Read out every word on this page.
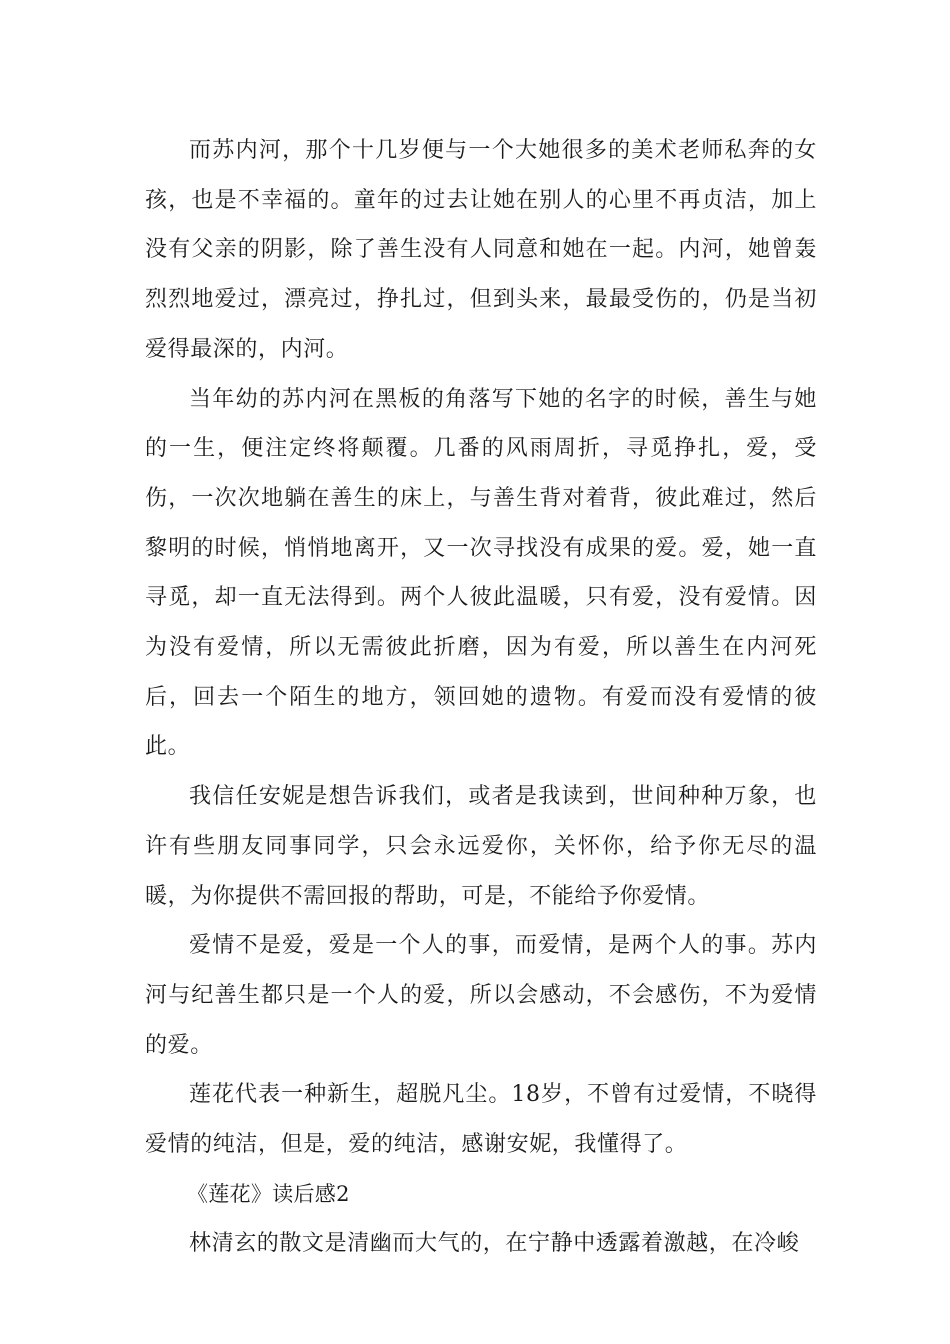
而苏内河，那个十几岁便与一个大她很多的美术老师私奔的女孩，也是不幸福的。童年的过去让她在别人的心里不再贞洁，加上没有父亲的阴影，除了善生没有人同意和她在一起。内河，她曾轰烈烈地爱过，漂亮过，挣扎过，但到头来，最最受伤的，仍是当初爱得最深的，内河。

当年幼的苏内河在黑板的角落写下她的名字的时候，善生与她的一生，便注定终将颠覆。几番的风雨周折，寻觅挣扎，爱，受伤，一次次地躺在善生的床上，与善生背对着背，彼此难过，然后黎明的时候，悄悄地离开，又一次寻找没有成果的爱。爱，她一直寻觅，却一直无法得到。两个人彼此温暖，只有爱，没有爱情。因为没有爱情，所以无需彼此折磨，因为有爱，所以善生在内河死后，回去一个陌生的地方，领回她的遗物。有爱而没有爱情的彼此。

我信任安妮是想告诉我们，或者是我读到，世间种种万象，也许有些朋友同事同学，只会永远爱你，关怀你，给予你无尽的温暖，为你提供不需回报的帮助，可是，不能给予你爱情。

爱情不是爱，爱是一个人的事，而爱情，是两个人的事。苏内河与纪善生都只是一个人的爱，所以会感动，不会感伤，不为爱情的爱。

莲花代表一种新生，超脱凡尘。18岁，不曾有过爱情，不晓得爱情的纯洁，但是，爱的纯洁，感谢安妮，我懂得了。

《莲花》读后感2

林清玄的散文是清幽而大气的，在宁静中透露着激越，在冷峻
